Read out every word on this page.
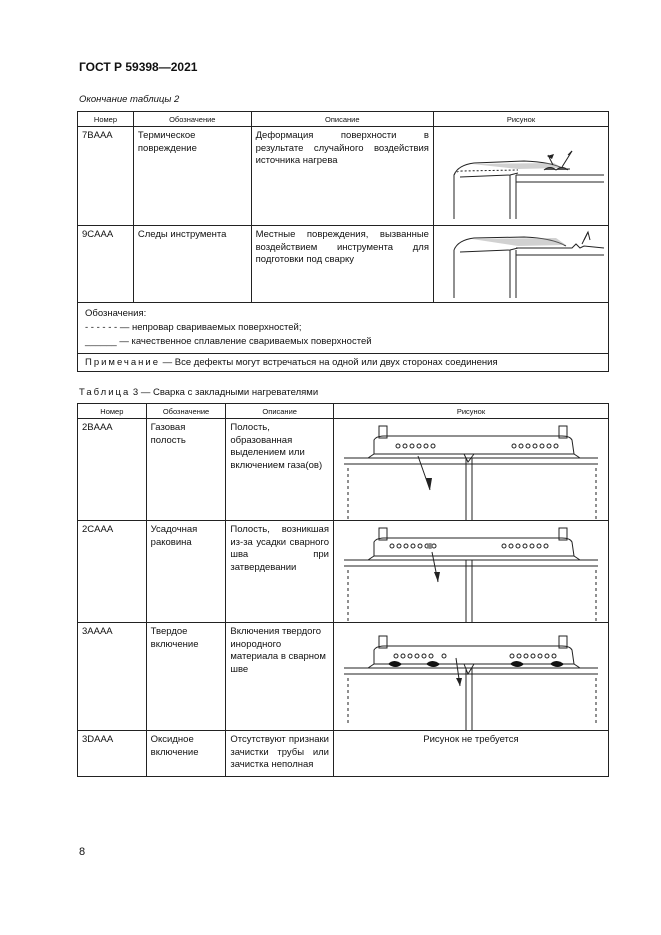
ГОСТ Р 59398—2021
Окончание таблицы 2
Номер	Обозначение	Описание	Рисунок
7BAAA	Термическое повреждение	Деформация поверхности в результате случайного воздействия источника нагрева	

9CAAA	Следы инструмента	Местные повреждения, вызванные воздействием инструмента для подготовки под сварку	

Обозначения:
- - - - - - — непровар свариваемых поверхностей;
______ — качественное сплавление свариваемых поверхностей			

Примечание — Все дефекты могут встречаться на одной или двух сторонах соединения			
Таблица 3 — Сварка с закладными нагревателями
Номер	Обозначение	Описание	Рисунок
2BAAA	Газовая полость	Полость, образованная выделением или включением газа(ов)	

2CAAA	Усадочная раковина	Полость, возникшая из-за усадки сварного шва при затвердевании	

3AAAA	Твердое включение	Включения твердого инородного материала в сварном шве	

3DAAA	Оксидное включение	Отсутствуют признаки зачистки трубы или зачистка неполная	Рисунок не требуется
8
